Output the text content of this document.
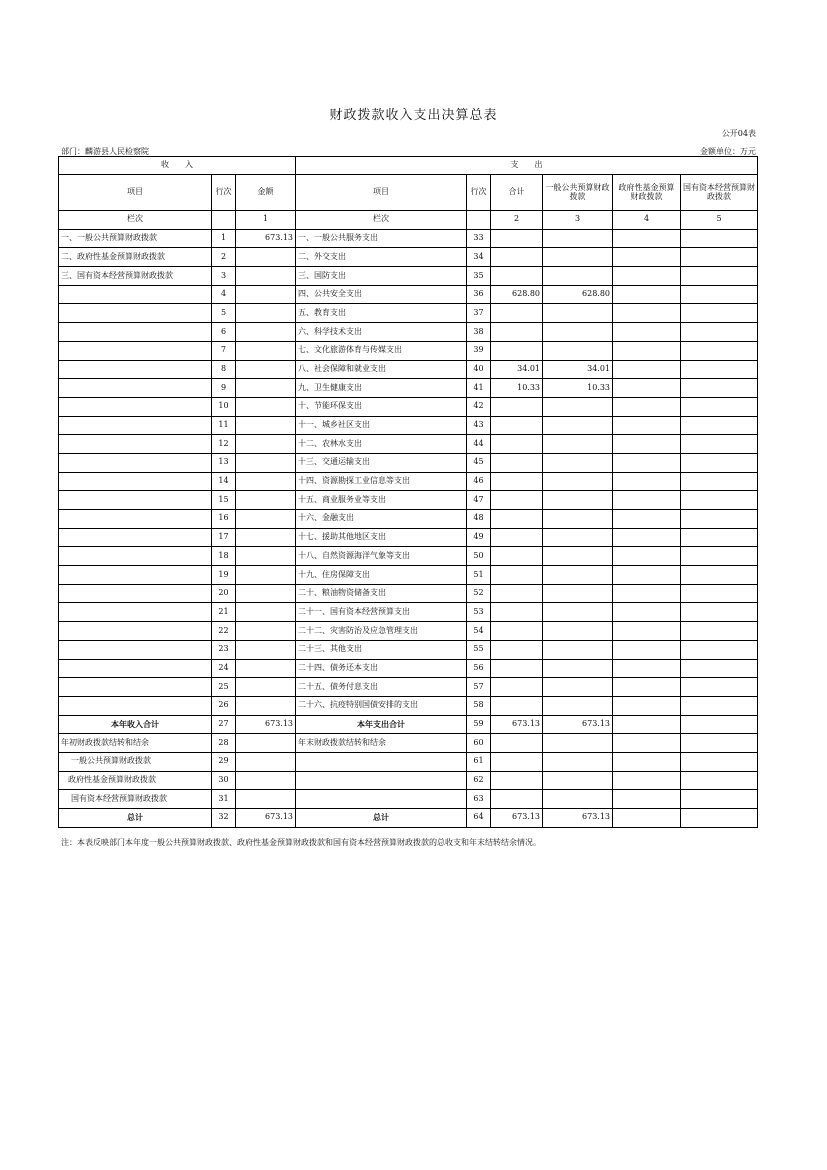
财政拨款收入支出决算总表
公开04表
部门：麟游县人民检察院	金额单位：万元
收　　入			支　　出					
项目	行次	金额	项目	行次	合计	一般公共预算财政拨款	政府性基金预算财政拨款	国有资本经营预算财政拨款
栏次		1	栏次		2	3	4	5
一、一般公共预算财政拨款	1	673.13	一、一般公共服务支出	33				
二、政府性基金预算财政拨款	2		二、外交支出	34				
三、国有资本经营预算财政拨款	3		三、国防支出	35				
	4		四、公共安全支出	36	628.80	628.80		
	5		五、教育支出	37				
	6		六、科学技术支出	38				
	7		七、文化旅游体育与传媒支出	39				
	8		八、社会保障和就业支出	40	34.01	34.01		
	9		九、卫生健康支出	41	10.33	10.33		
	10		十、节能环保支出	42				
	11		十一、城乡社区支出	43				
	12		十二、农林水支出	44				
	13		十三、交通运输支出	45				
	14		十四、资源勘探工业信息等支出	46				
	15		十五、商业服务业等支出	47				
	16		十六、金融支出	48				
	17		十七、援助其他地区支出	49				
	18		十八、自然资源海洋气象等支出	50				
	19		十九、住房保障支出	51				
	20		二十、粮油物资储备支出	52				
	21		二十一、国有资本经营预算支出	53				
	22		二十二、灾害防治及应急管理支出	54				
	23		二十三、其他支出	55				
	24		二十四、债务还本支出	56				
	25		二十五、债务付息支出	57				
	26		二十六、抗疫特别国债安排的支出	58				
本年收入合计	27	673.13	本年支出合计	59	673.13	673.13		
年初财政拨款结转和结余	28		年末财政拨款结转和结余	60				
一般公共预算财政拨款	29			61				
政府性基金预算财政拨款	30			62				
国有资本经营预算财政拨款	31			63				
总计	32	673.13	总计	64	673.13	673.13		
注：本表反映部门本年度一般公共预算财政拨款、政府性基金预算财政拨款和国有资本经营预算财政拨款的总收支和年末结转结余情况。
